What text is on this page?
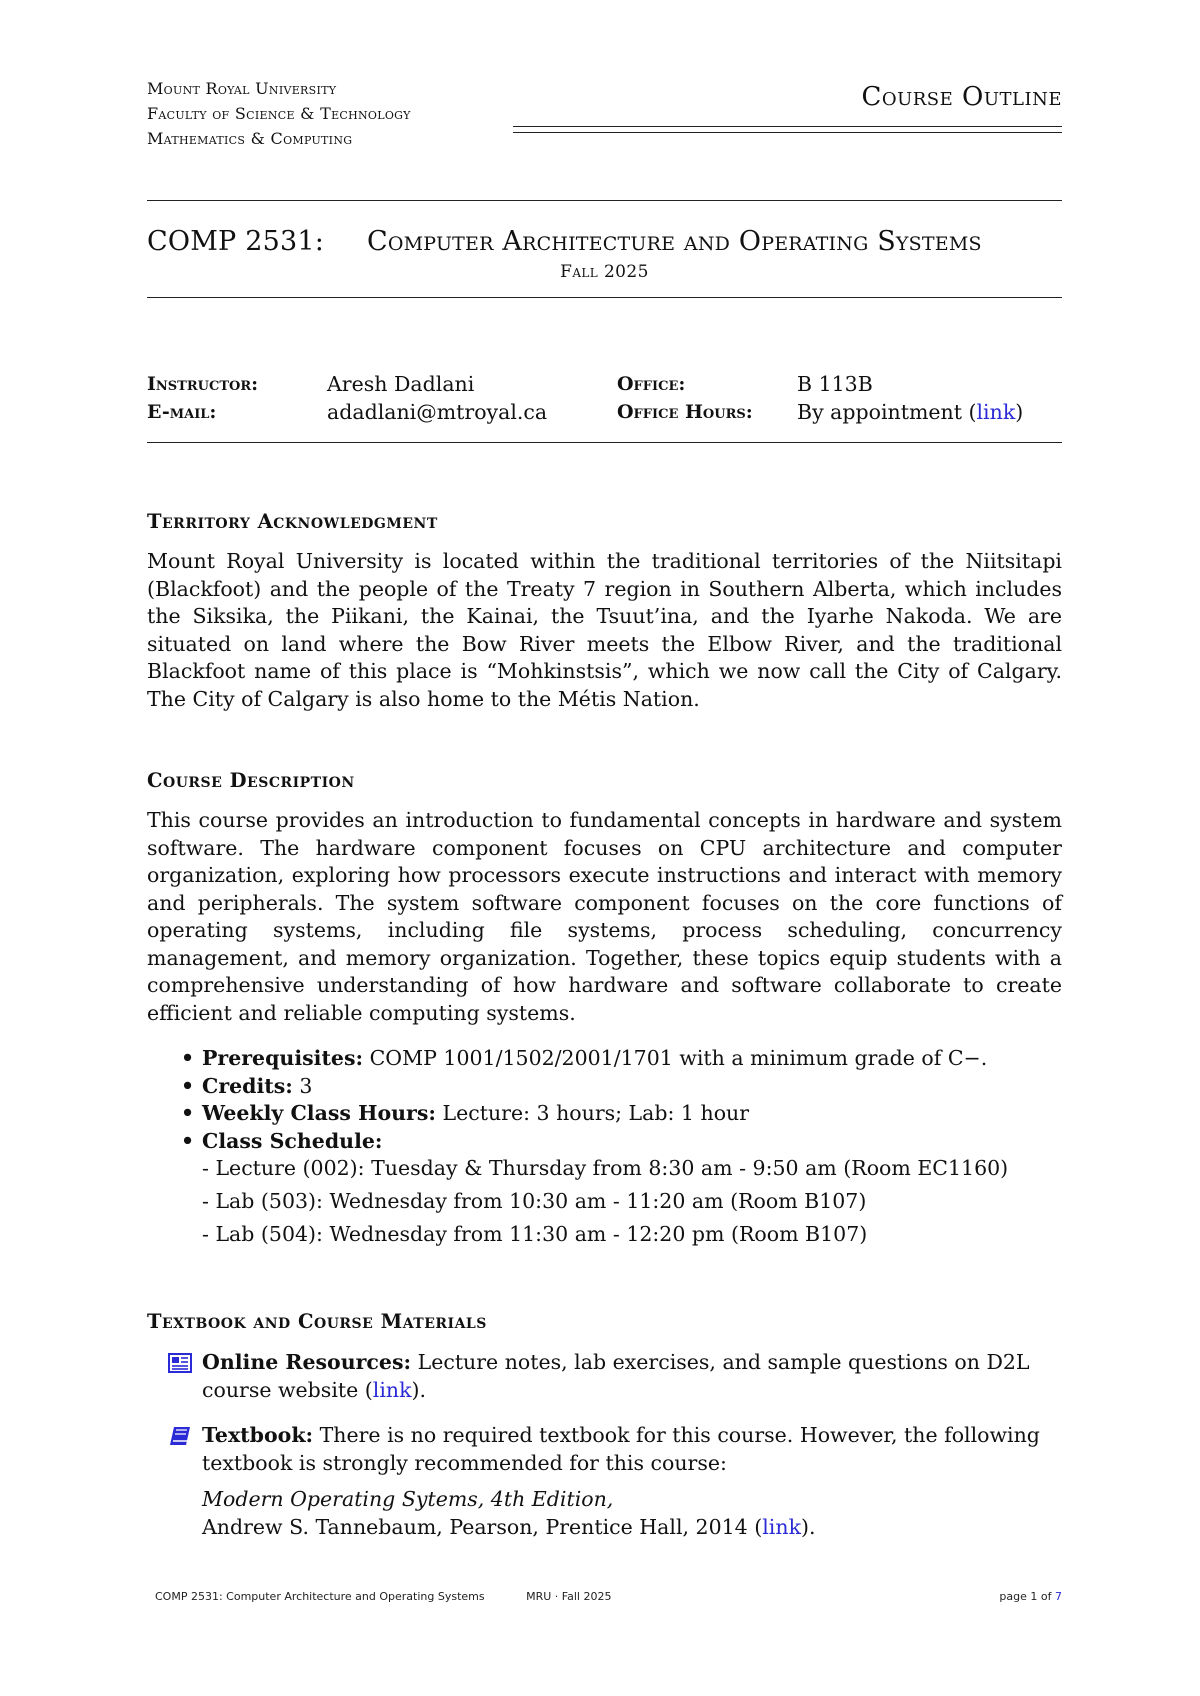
Mount Royal University
Faculty of Science & Technology
Mathematics & Computing
Course Outline
COMP 2531: Computer Architecture and Operating Systems
Fall 2025
Instructor:	Aresh Dadlani	Office:	B 113B
E-mail:	adadlani@mtroyal.ca	Office Hours: By appointment (link)
Territory Acknowledgment

Mount Royal University is located within the traditional territories of the Niitsitapi (Blackfoot) and the people of the Treaty 7 region in Southern Alberta, which includes the Siksika, the Piikani, the Kainai, the Tsuut’ina, and the Iyarhe Nakoda. We are situated on land where the Bow River meets the Elbow River, and the traditional Blackfoot name of this place is “Mohkinstsis”, which we now call the City of Calgary. The City of Calgary is also home to the Métis Nation.

Course Description

This course provides an introduction to fundamental concepts in hardware and system software. The hardware component focuses on CPU architecture and computer organization, exploring how processors execute instructions and interact with memory and peripherals. The system software component focuses on the core functions of operating systems, including file systems, process scheduling, concurrency management, and memory organization. Together, these topics equip students with a comprehensive understanding of how hardware and software collaborate to create efficient and reliable computing systems.

• Prerequisites: COMP 1001/1502/2001/1701 with a minimum grade of C−.
• Credits: 3
• Weekly Class Hours: Lecture: 3 hours; Lab: 1 hour
• Class Schedule:
- Lecture (002): Tuesday & Thursday from 8:30 am - 9:50 am (Room EC1160)
- Lab (503): Wednesday from 10:30 am - 11:20 am (Room B107)
- Lab (504): Wednesday from 11:30 am - 12:20 pm (Room B107)
Textbook and Course Materials
Online Resources: Lecture notes, lab exercises, and sample questions on D2L course website (link).
Textbook: There is no required textbook for this course. However, the following textbook is strongly recommended for this course:
Modern Operating Sytems, 4th Edition,
Andrew S. Tannebaum, Pearson, Prentice Hall, 2014 (link).
COMP 2531: Computer Architecture and Operating Systems	MRU · Fall 2025	page 1 of 7
